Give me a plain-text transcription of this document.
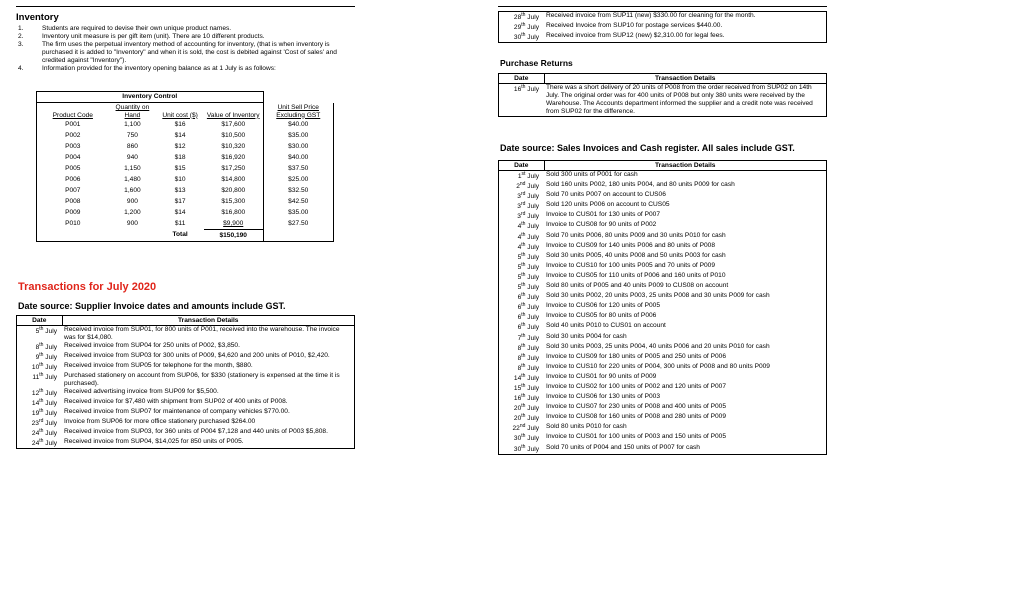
Inventory
1.	Students are required to devise their own unique product names.
2.	Inventory unit measure is per gift item (unit). There are 10 different products.
3.	The firm uses the perpetual inventory method of accounting for inventory, (that is when inventory is purchased it is added to "Inventory" and when it is sold, the cost is debited against 'Cost of sales' and credited against "Inventory").
4.	Information provided for the inventory opening balance as at 1 July is as follows:
Inventory Control				
Product Code	Quantity on Hand	Unit cost ($)	Value of Inventory	Unit Sell Price Excluding GST
P001	1,100	$16	$17,600	$40.00
P002	750	$14	$10,500	$35.00
P003	860	$12	$10,320	$30.00
P004	940	$18	$16,920	$40.00
P005	1,150	$15	$17,250	$37.50
P006	1,480	$10	$14,800	$25.00
P007	1,600	$13	$20,800	$32.50
P008	900	$17	$15,300	$42.50
P009	1,200	$14	$16,800	$35.00
P010	900	$11	$9,900	$27.50
		Total	$150,190	
Transactions for July 2020
Date source: Supplier Invoice dates and amounts include GST.
Date	Transaction Details
5th July	Received invoice from SUP01, for 800 units of P001, received into the warehouse. The invoice was for $14,080.
8th July	Received invoice from SUP04 for 250 units of P002, $3,850.
9th July	Received invoice from SUP03 for 300 units of P009, $4,620 and 200 units of P010, $2,420.
10th July	Received invoice from SUP05 for telephone for the month, $880.
11th July	Purchased stationery on account from SUP06, for $330 (stationery is expensed at the time it is purchased).
12th July	Received advertising invoice from SUP09 for $5,500.
14th July	Received invoice for $7,480 with shipment from SUP02 of 400 units of P008.
19th July	Received invoice from SUP07 for maintenance of company vehicles $770.00.
23rd July	Invoice from SUP06 for more office stationery purchased $264.00
24th July	Received invoice from SUP03, for 360 units of P004 $7,128 and 440 units of P003 $5,808.
24th July	Received invoice from SUP04, $14,025 for 850 units of P005.
28th July	Received invoice from SUP11 (new) $330.00 for cleaning for the month.
29th July	Received Invoice from SUP10 for postage services $440.00.
30th July	Received invoice from SUP12 (new) $2,310.00 for legal fees.
Purchase Returns
Date	Transaction Details
16th July	There was a short delivery of 20 units of P008 from the order received from SUP02 on 14th July. The original order was for 400 units of P008 but only 380 units were received by the Warehouse. The Accounts department informed the supplier and a credit note was received from SUP02 for the difference.
Date source: Sales Invoices and Cash register. All sales include GST.
Date	Transaction Details
1st July	Sold 300 units of P001 for cash
2nd July	Sold 160 units P002, 180 units P004, and 80 units P009 for cash
3rd July	Sold 70 units P007 on account to CUS06
3rd July	Sold 120 units P006 on account to CUS05
3rd July	Invoice to CUS01 for 130 units of P007
4th July	Invoice to CUS08 for 90 units of P002
4th July	Sold 70 units P006, 80 units P009 and 30 units P010 for cash
4th July	Invoice to CUS09 for 140 units P006 and 80 units of P008
5th July	Sold 30 units P005, 40 units P008 and 50 units P003 for cash
5th July	Invoice to CUS10 for 100 units P005 and 70 units of P009
5th July	Invoice to CUS05 for 110 units of P006 and 160 units of P010
5th July	Sold 80 units of P005 and 40 units P009 to CUS08 on account
6th July	Sold 30 units P002, 20 units P003, 25 units P008 and 30 units P009 for cash
6th July	Invoice to CUS06 for 120 units of P005
6th July	Invoice to CUS05 for 80 units of P006
6th July	Sold 40 units P010 to CUS01 on account
7th July	Sold 30 units P004 for cash
8th July	Sold 30 units P003, 25 units P004, 40 units P006 and 20 units P010 for cash
8th July	Invoice to CUS09 for 180 units of P005 and 250 units of P006
8th July	Invoice to CUS10 for 220 units of P004, 300 units of P008 and 80 units P009
14th July	Invoice to CUS01 for 90 units of P009
15th July	Invoice to CUS02 for 100 units of P002 and 120 units of P007
16th July	Invoice to CUS06 for 130 units of P003
20th July	Invoice to CUS07 for 230 units of P008 and 400 units of P005
20th July	Invoice to CUS08 for 160 units of P008 and 280 units of P009
22nd July	Sold 80 units P010 for cash
30th July	Invoice to CUS01 for 100 units of P003 and 150 units of P005
30th July	Sold 70 units of P004 and 150 units of P007 for cash
